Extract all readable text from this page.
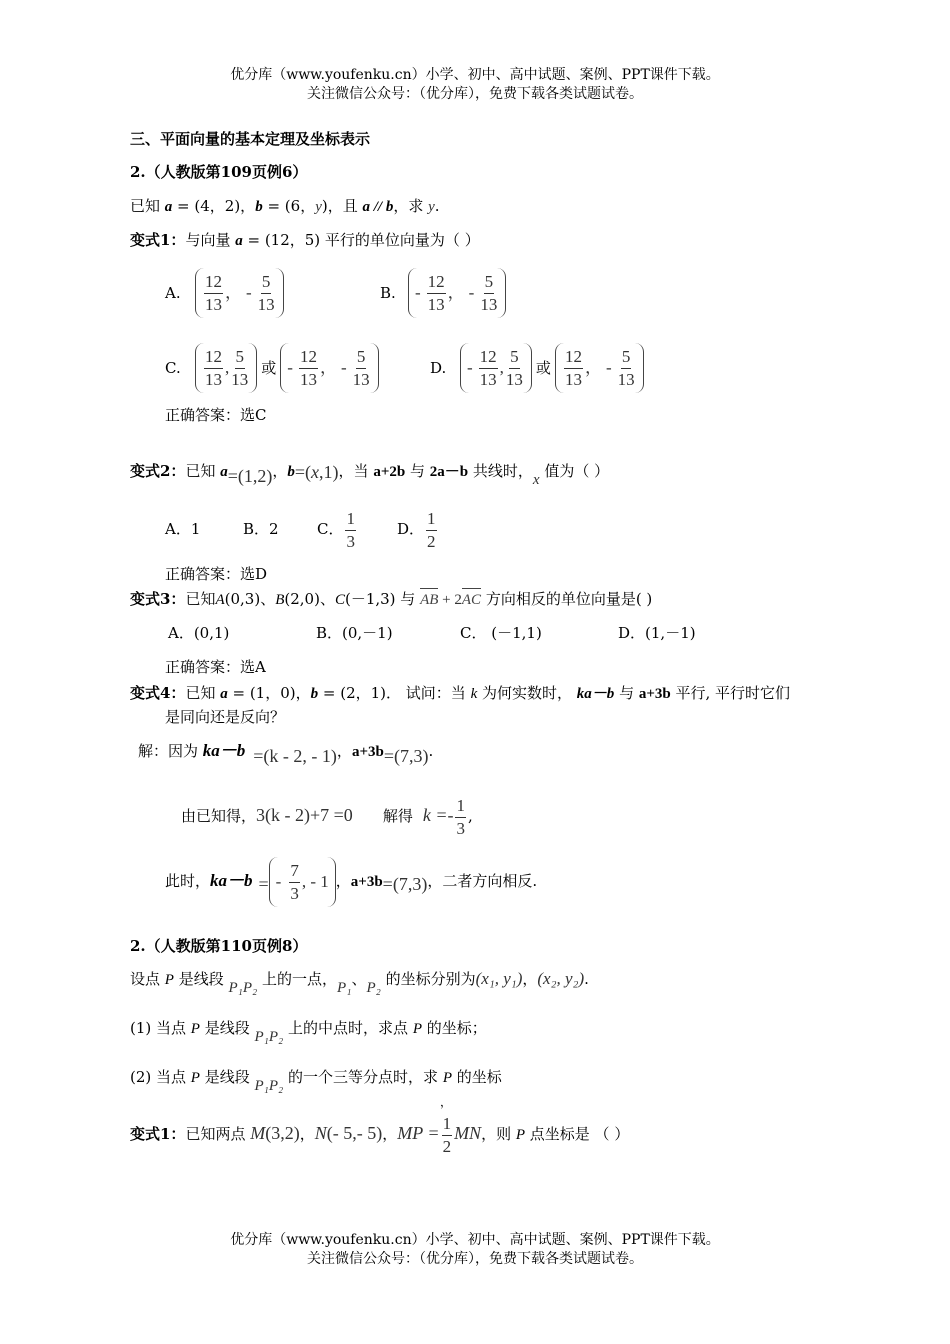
优分库（www.youfenku.cn）小学、初中、高中试题、案例、PPT课件下载。
关注微信公众号：（优分库），免费下载各类试题试卷。
三、平面向量的基本定理及坐标表示
2.（人教版第109页例6）
已知 a = (4，2)，b = (6，y)，且 a // b，求 y.
变式1：与向量 a = (12，5) 平行的单位向量为（ ）
A. $\frac{12}{13}$ ， - $\frac{5}{13}$	B. - $\frac{12}{13}$ ， - $\frac{5}{13}$
C. $\frac{12}{13}$ , $\frac{5}{13}$ 或 - $\frac{12}{13}$ ， - $\frac{5}{13}$	D. - $\frac{12}{13}$ , $\frac{5}{13}$ 或 $\frac{12}{13}$ ， - $\frac{5}{13}$
正确答案：选C
变式2：已知 a=(1,2)，b=(x,1)，当 a+2b 与 2a－b 共线时，x 值为（ ）
A．1	B．2	C． $\frac{1}{3}$	D． $\frac{1}{2}$
正确答案：选D
变式3：已知A(0,3)、B(2,0)、C(－1,3) 与 AB + 2AC 方向相反的单位向量是( )
A．(0,1)	B．(0,－1)	C． (－1,1)	D．(1,－1)
正确答案：选A
变式4：已知 a = (1，0)，b = (2，1)． 试问：当 k 为何实数时， ka－b 与 a+3b 平行, 平行时它们
是同向还是反向？
解：因为 ka－b =(k - 2, - 1)，a+3b=(7,3).
由已知得，3(k - 2)+7 =0 解得 $k =- \frac{1}{3}$ ,
此时，ka－b = - $\frac{7}{3}$ , - 1 ，a+3b=(7,3)，二者方向相反.
2.（人教版第110页例8）
设点 P 是线段 P₁P₂ 上的一点，P₁、P₂ 的坐标分别为(x₁, y₁)，(x₂, y₂).
(1) 当点 P 是线段 P₁P₂ 上的中点时，求点 P 的坐标；
(2) 当点 P 是线段 P₁P₂ 的一个三等分点时，求 P 的坐标
，
变式1：已知两点 M(3,2)，N(- 5,- 5)，MP = $\frac{1}{2}$ MN，则 P 点坐标是 （ ）
优分库（www.youfenku.cn）小学、初中、高中试题、案例、PPT课件下载。
关注微信公众号：（优分库），免费下载各类试题试卷。
